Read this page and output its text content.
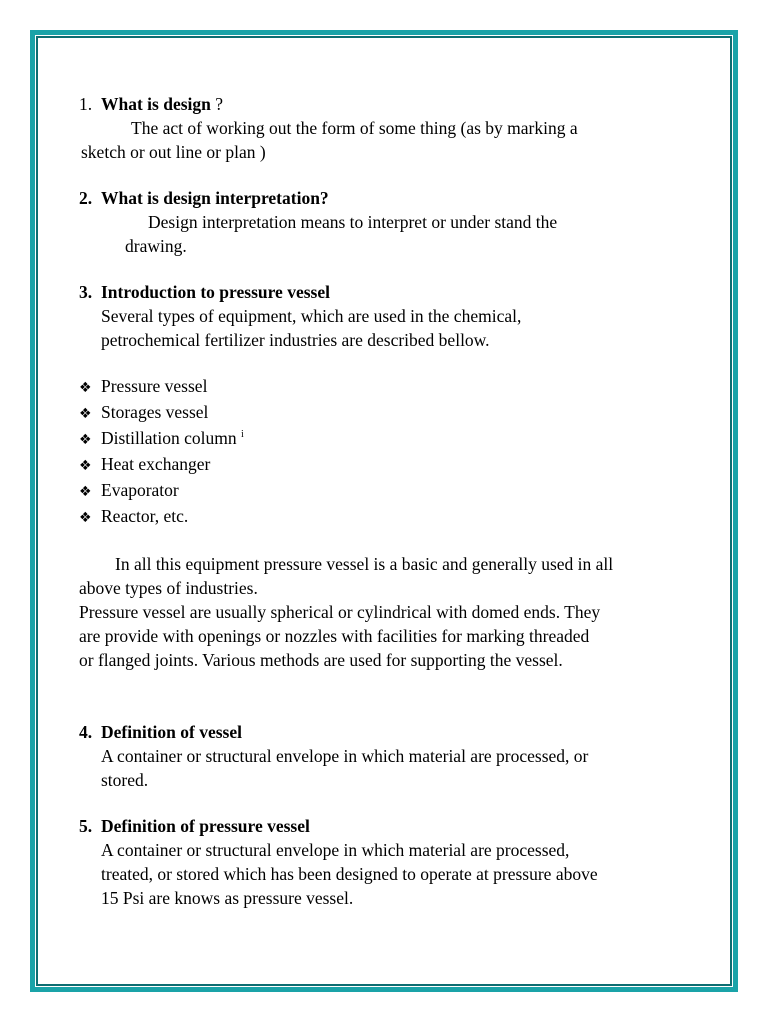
1. What is design ?

The act of working out the form of some thing (as by marking a

sketch or out line or plan )

2. What is design interpretation?

Design interpretation means to interpret or under stand the

drawing.

3. Introduction to pressure vessel

Several types of equipment, which are used in the chemical,

petrochemical fertilizer industries are described bellow.

❖ Pressure vessel
❖ Storages vessel
❖ Distillation column $^i$
❖ Heat exchanger
❖ Evaporator
❖ Reactor, etc.

In all this equipment pressure vessel is a basic and generally used in all

above types of industries.

Pressure vessel are usually spherical or cylindrical with domed ends. They

are provide with openings or nozzles with facilities for marking threaded

or flanged joints. Various methods are used for supporting the vessel.

4. Definition of vessel

A container or structural envelope in which material are processed, or

stored.

5. Definition of pressure vessel

A container or structural envelope in which material are processed,

treated, or stored which has been designed to operate at pressure above

15 Psi are knows as pressure vessel.
